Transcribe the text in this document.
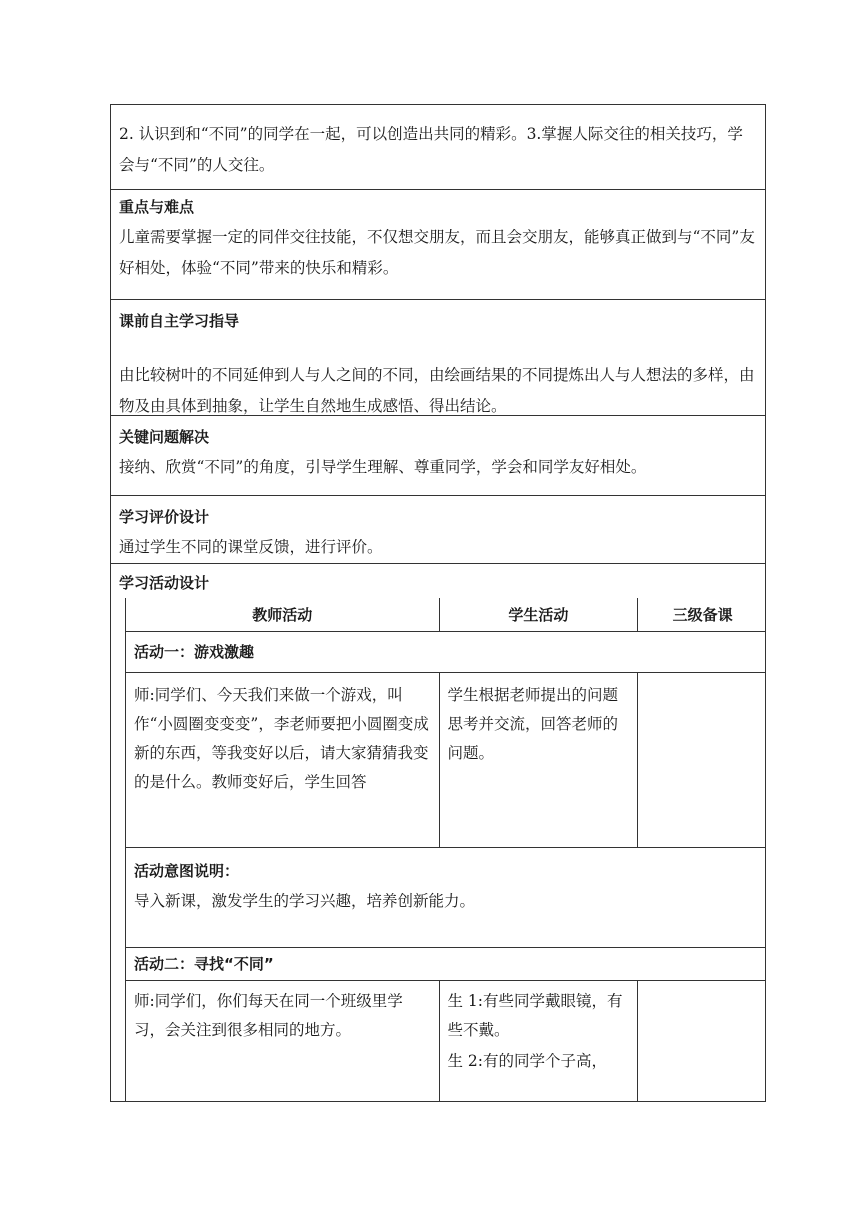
2. 认识到和“不同”的同学在一起，可以创造出共同的精彩。3.掌握人际交往的相关技巧，学会与“不同”的人交往。

重点与难点

儿童需要掌握一定的同伴交往技能，不仅想交朋友，而且会交朋友，能够真正做到与“不同”友好相处，体验“不同”带来的快乐和精彩。

课前自主学习指导

由比较树叶的不同延伸到人与人之间的不同，由绘画结果的不同提炼出人与人想法的多样，由物及由具体到抽象，让学生自然地生成感悟、得出结论。

关键问题解决

接纳、欣赏“不同”的角度，引导学生理解、尊重同学，学会和同学友好相处。

学习评价设计

通过学生不同的课堂反馈，进行评价。

学习活动设计

教师活动	学生活动	三级备课
活动一：游戏激趣

师:同学们、今天我们来做一个游戏，叫作“小圆圈变变变”，李老师要把小圆圈变成新的东西，等我变好以后，请大家猜猜我变的是什么。教师变好后，学生回答

学生根据老师提出的问题思考并交流，回答老师的问题。

活动意图说明：

导入新课，激发学生的学习兴趣，培养创新能力。

活动二：寻找“不同”

师:同学们，你们每天在同一个班级里学习，会关注到很多相同的地方。

生 1:有些同学戴眼镜，有些不戴。

生 2:有的同学个子高，
